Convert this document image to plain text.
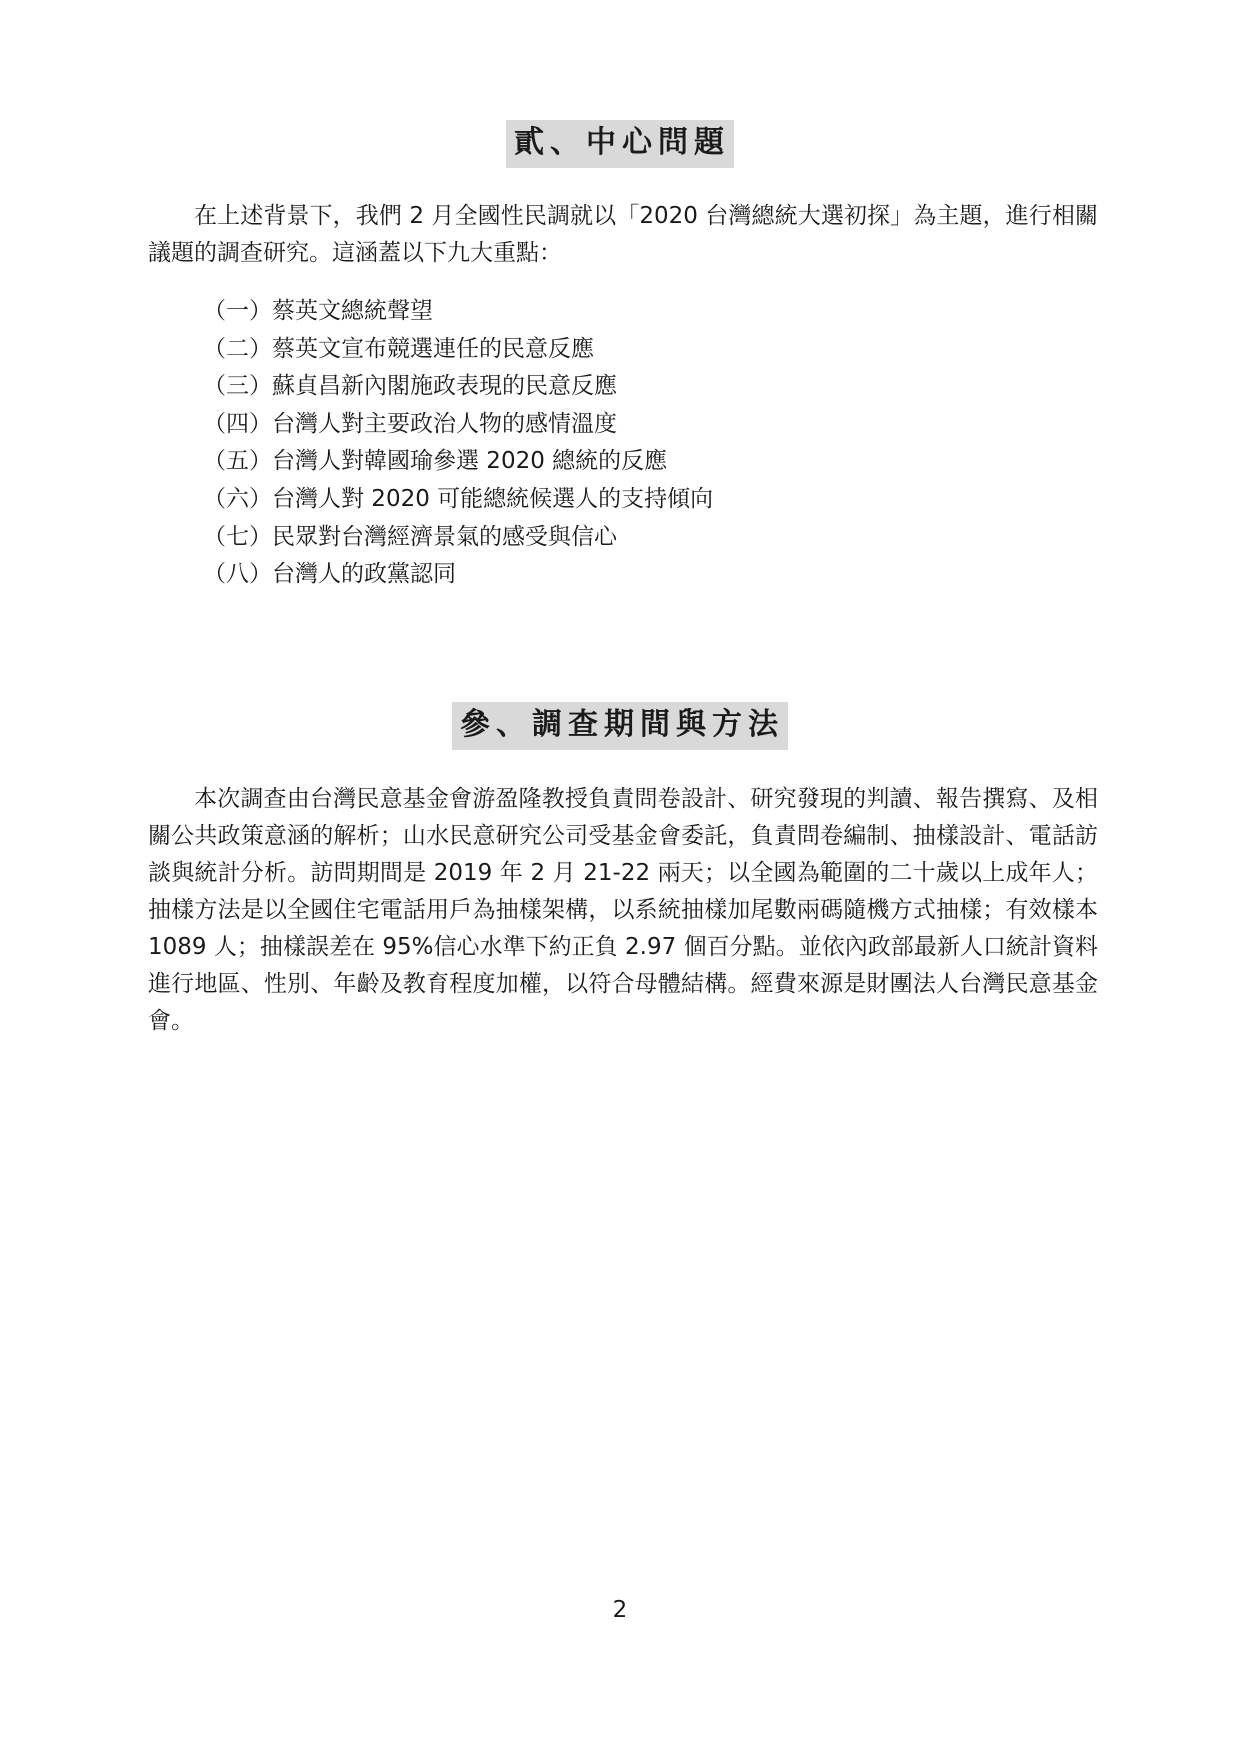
貳、中心問題

在上述背景下，我們 2 月全國性民調就以「2020 台灣總統大選初探」為主題，進行相關議題的調查研究。這涵蓋以下九大重點：

（一）蔡英文總統聲望
（二）蔡英文宣布競選連任的民意反應
（三）蘇貞昌新內閣施政表現的民意反應
（四）台灣人對主要政治人物的感情溫度
（五）台灣人對韓國瑜參選 2020 總統的反應
（六）台灣人對 2020 可能總統候選人的支持傾向
（七）民眾對台灣經濟景氣的感受與信心
（八）台灣人的政黨認同
參、調查期間與方法

本次調查由台灣民意基金會游盈隆教授負責問卷設計、研究發現的判讀、報告撰寫、及相關公共政策意涵的解析；山水民意研究公司受基金會委託，負責問卷編制、抽樣設計、電話訪談與統計分析。訪問期間是 2019 年 2 月 21-22 兩天；以全國為範圍的二十歲以上成年人；抽樣方法是以全國住宅電話用戶為抽樣架構，以系統抽樣加尾數兩碼隨機方式抽樣；有效樣本 1089 人；抽樣誤差在 95%信心水準下約正負 2.97 個百分點。並依內政部最新人口統計資料進行地區、性別、年齡及教育程度加權，以符合母體結構。經費來源是財團法人台灣民意基金會。

2
